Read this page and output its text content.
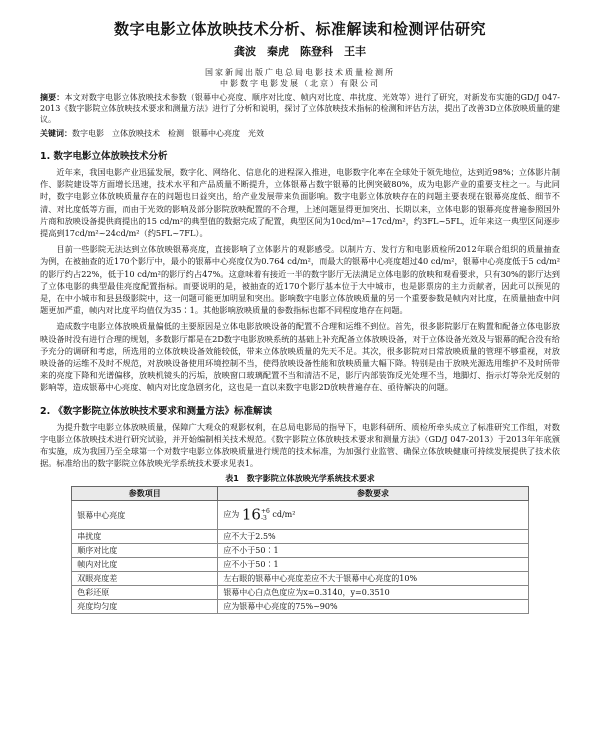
数字电影立体放映技术分析、标准解读和检测评估研究
龚波　秦虎　陈登科　王丰
国家新闻出版广电总局电影技术质量检测所
中影数字电影发展（北京）有限公司
摘要：本文对数字电影立体放映技术参数（银幕中心亮度、顺序对比度、帧内对比度、串扰度、光效等）进行了研究，对新发布实施的GD/J 047-2013《数字影院立体放映技术要求和测量方法》进行了分析和说明，探讨了立体放映技术指标的检测和评估方法，提出了改善3D立体放映质量的建议。
关键词：数字电影　立体放映技术　检测　银幕中心亮度　光效
1. 数字电影立体放映技术分析

近年来，我国电影产业迅猛发展，数字化、网络化、信息化的进程深入推进，电影数字化率在全球处于领先地位，达到近98%；立体影片制作、影院建设等方面增长迅速，技术水平和产品质量不断提升，立体银幕占数字银幕的比例突破80%，成为电影产业的重要支柱之一。与此同时，数字电影立体放映质量存在的问题也日益突出，给产业发展带来负面影响。数字电影立体放映存在的问题主要表现在银幕亮度低、细节不清、对比度低等方面，而由于光效的影响及部分影院放映配置的不合理，上述问题显得更加突出、长期以来，立体电影的银幕亮度普遍参照国外片商和放映设备提供商提出的15 cd/m²的典型值的数据完成了配置，典型区间为10cd/m²~17cd/m²，约3FL~5FL，近年来这一典型区间逐步提高到17cd/m²~24cd/m²（约5FL~7FL）。

目前一些影院无法达到立体放映银幕亮度，直接影响了立体影片的观影感受。以制片方、发行方和电影质检所2012年联合组织的质量抽查为例，在被抽查的近170个影厅中，最小的银幕中心亮度仅为0.764 cd/m²，而最大的银幕中心亮度超过40 cd/m²，银幕中心亮度低于5 cd/m²的影厅约占22%，低于10 cd/m²的影厅约占47%。这意味着有接近一半的数字影厅无法满足立体电影的放映和观看要求，只有30%的影厅达到了立体电影的典型最佳亮度配置指标。而要说明的是，被抽查的近170个影厅基本位于大中城市，也是影票房的主力贡献者，因此可以预见的是，在中小城市和县县级影院中，这一问题可能更加明显和突出。影响数字电影立体放映质量的另一个重要参数是帧内对比度，在质量抽查中问题更加严重，帧内对比度平均值仅为35∶1。其他影响放映质量的参数指标也都不同程度地存在问题。

造成数字电影立体放映质量偏低的主要原因是立体电影放映设备的配置不合理和运维不到位。首先，很多影院影厅在购置和配备立体电影放映设备时没有进行合理的规划，多数影厅都是在2D数字电影放映系统的基础上补充配备立体放映设备，对于立体设备光效及与银幕的配合没有给予充分的调研和考虑，所选用的立体放映设备效能较低，带来立体放映质量的先天不足。其次，很多影院对日常放映质量的管理不够重视，对放映设备的运维不及时不规范，对放映设备使用环境控制不当，使得放映设备性能和放映质量大幅下降。特别是由于放映光源选用维护不及时所带来的亮度下降和光谱偏移，放映机镜头的污垢，放映窗口玻璃配置不当和清洁不足，影厅内部装饰反光处理不当，地脚灯、指示灯等杂光反射的影响等，造成银幕中心亮度、帧内对比度急剧劣化，这也是一直以来数字电影2D放映普遍存在、亟待解决的问题。

2. 《数字影院立体放映技术要求和测量方法》标准解读

为提升数字电影立体放映质量，保障广大观众的观影权利，在总局电影局的指导下，电影科研所、质检所牵头成立了标准研究工作组，对数字电影立体放映技术进行研究试验，并开始编制相关技术规范。《数字影院立体放映技术要求和测量方法》（GD/J 047-2013）于2013年年底颁布实施，成为我国乃至全球第一个对数字电影立体放映质量进行规范的技术标准，为加强行业监管、确保立体放映健康可持续发展提供了技术依据。标准给出的数字影院立体放映光学系统技术要求见表1。

表1　数字影院立体放映光学系统技术要求
参数项目	参数要求
银幕中心亮度	应为 16+6
-3 cd/m²
串扰度	应不大于2.5%
顺序对比度	应不小于50∶1
帧内对比度	应不小于50∶1
双眼亮度差	左右眼的银幕中心亮度差应不大于银幕中心亮度的10%
色彩还原	银幕中心白点色度应为x=0.3140，y=0.3510
亮度均匀度	应为银幕中心亮度的75%~90%
